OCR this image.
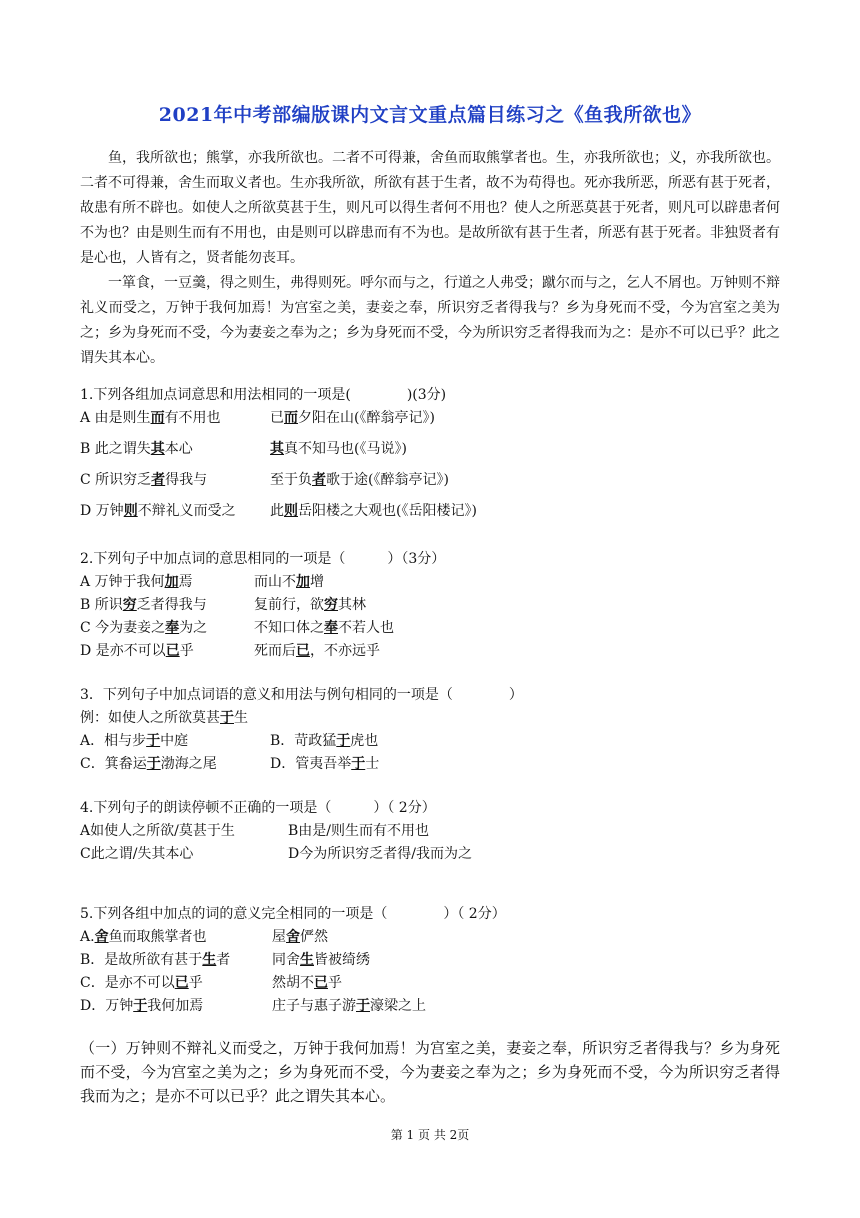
2021年中考部编版课内文言文重点篇目练习之《鱼我所欲也》

鱼，我所欲也；熊掌，亦我所欲也。二者不可得兼，舍鱼而取熊掌者也。生，亦我所欲也；义，亦我所欲也。二者不可得兼，舍生而取义者也。生亦我所欲，所欲有甚于生者，故不为苟得也。死亦我所恶，所恶有甚于死者，故患有所不辟也。如使人之所欲莫甚于生，则凡可以得生者何不用也？使人之所恶莫甚于死者，则凡可以辟患者何不为也？由是则生而有不用也，由是则可以辟患而有不为也。是故所欲有甚于生者，所恶有甚于死者。非独贤者有是心也，人皆有之，贤者能勿丧耳。

一箪食，一豆羹，得之则生，弗得则死。呼尔而与之，行道之人弗受；蹴尔而与之，乞人不屑也。万钟则不辩礼义而受之，万钟于我何加焉！为宫室之美，妻妾之奉，所识穷乏者得我与？乡为身死而不受，今为宫室之美为之；乡为身死而不受，今为妻妾之奉为之；乡为身死而不受，今为所识穷乏者得我而为之：是亦不可以已乎？此之谓失其本心。

1.下列各组加点词意思和用法相同的一项是(　　　　)(3分)
A 由是则生而有不用也	已而夕阳在山(《醉翁亭记》)
B 此之谓失其本心	其真不知马也(《马说》)
C 所识穷乏者得我与	至于负者歌于途(《醉翁亭记》)
D 万钟则不辩礼义而受之 此则岳阳楼之大观也(《岳阳楼记》)
2.下列句子中加点词的意思相同的一项是（　　　）（3分）
A 万钟于我何加焉	而山不加增
B 所识穷乏者得我与	复前行，欲穷其林
C 今为妻妾之奉为之	不知口体之奉不若人也
D 是亦不可以已乎	死而后已，不亦远乎
3．下列句子中加点词语的意义和用法与例句相同的一项是（　　　　）
例：如使人之所欲莫甚于生
A．相与步于中庭	B．苛政猛于虎也
C．箕畚运于渤海之尾	D．管夷吾举于士
4.下列句子的朗读停顿不正确的一项是（　　　）（ 2分）
A如使人之所欲/莫甚于生	B由是/则生而有不用也
C此之谓/失其本心	D今为所识穷乏者得/我而为之
5.下列各组中加点的词的意义完全相同的一项是（　　　　）（ 2分）
A.舍鱼而取熊掌者也	屋舍俨然
B．是故所欲有甚于生者	同舍生皆被绮绣
C．是亦不可以已乎	然胡不已乎
D．万钟于我何加焉	庄子与惠子游于濠梁之上
（一）万钟则不辩礼义而受之，万钟于我何加焉！为宫室之美，妻妾之奉，所识穷乏者得我与？乡为身死而不受，今为宫室之美为之；乡为身死而不受，今为妻妾之奉为之；乡为身死而不受，今为所识穷乏者得我而为之；是亦不可以已乎？此之谓失其本心。
第 1 页 共 2页
